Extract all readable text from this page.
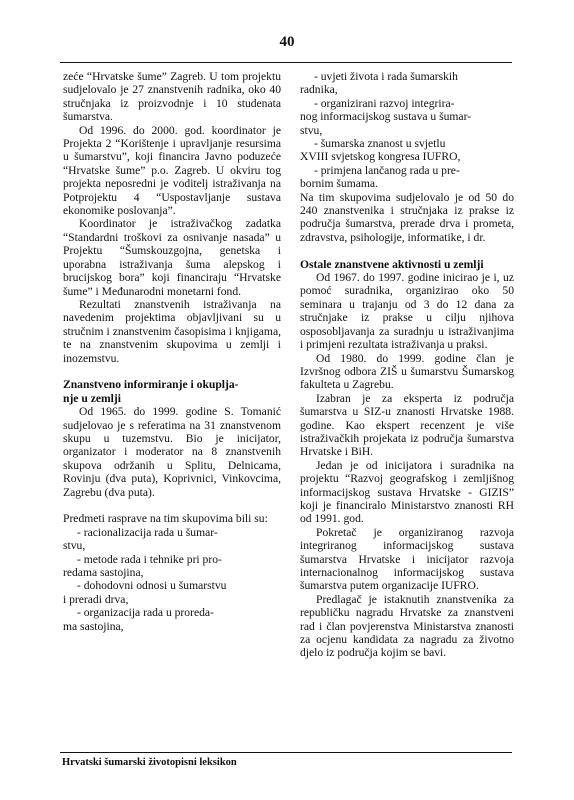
40

zeće “Hrvatske šume” Zagreb. U tom projektu sudjelovalo je 27 znanstvenih radnika, oko 40 stručnjaka iz proizvodnje i 10 studenata šumarstva.

Od 1996. do 2000. god. koordinator je Projekta 2 “Korištenje i upravljanje resursima u šumarstvu”, koji financira Javno poduzeće “Hrvatske šume” p.o. Zagreb. U okviru tog projekta neposredni je voditelj istraživanja na Potprojektu 4 “Uspostavljanje sustava ekonomike poslovanja”.

Koordinator je istraživačkog zadatka “Standardni troškovi za osnivanje nasada” u Projektu “Šumskouzgojna, genetska i uporabna istraživanja šuma alepskog i brucijskog bora” koji financiraju “Hrvatske šume” i Međunarodni monetarni fond.

Rezultati znanstvenih istraživanja na navedenim projektima objavljivani su u stručnim i znanstvenim časopisima i knjigama, te na znanstvenim skupovima u zemlji i inozemstvu.

Znanstveno informiranje i okuplja-
nje u zemlji

Od 1965. do 1999. godine S. Tomanić sudjelovao je s referatima na 31 znanstvenom skupu u tuzemstvu. Bio je inicijator, organizator i moderator na 8 znanstvenih skupova održanih u Splitu, Delnicama, Rovinju (dva puta), Koprivnici, Vinkovcima, Zagrebu (dva puta).

Predmeti rasprave na tim skupovima bili su:

- racionalizacija rada u šumar-
stvu,
- metode rada i tehnike pri pro-
redama sastojina,
- dohodovni odnosi u šumarstvu
i preradi drva,
- organizacija rada u proreda-
ma sastojina,
- uvjeti života i rada šumarskih
radnika,
- organizirani razvoj integrira-
nog informacijskog sustava u šumar-
stvu,
- šumarska znanost u svjetlu
XVIII svjetskog kongresa IUFRO,
- primjena lančanog rada u pre-
bornim šumama.

Na tim skupovima sudjelovalo je od 50 do 240 znanstvenika i stručnjaka iz prakse iz područja šumarstva, prerade drva i prometa, zdravstva, psihologije, informatike, i dr.

Ostale znanstvene aktivnosti u zemlji

Od 1967. do 1997. godine inicirao je i, uz pomoć suradnika, organizirao oko 50 seminara u trajanju od 3 do 12 dana za stručnjake iz prakse u cilju njihova osposobljavanja za suradnju u istraživanjima i primjeni rezultata istraživanja u praksi.

Od 1980. do 1999. godine član je Izvršnog odbora ZIŠ u šumarstvu Šumarskog fakulteta u Zagrebu.

Izabran je za eksperta iz područja šumarstva u SIZ-u znanosti Hrvatske 1988. godine. Kao ekspert recenzent je više istraživačkih projekata iz područja šumarstva Hrvatske i BiH.

Jedan je od inicijatora i suradnika na projektu “Razvoj geografskog i zemljišnog informacijskog sustava Hrvatske - GIZIS” koji je financiralo Ministarstvo znanosti RH od 1991. god.

Pokretač je organiziranog razvoja integriranog informacijskog sustava šumarstva Hrvatske i inicijator razvoja internacionalnog informacijskog sustava šumarstva putem organizacije IUFRO.

Predlagač je istaknutih znanstvenika za republičku nagradu Hrvatske za znanstveni rad i član povjerenstva Ministarstva znanosti za ocjenu kandidata za nagradu za životno djelo iz područja kojim se bavi.

Hrvatski šumarski životopisni leksikon
